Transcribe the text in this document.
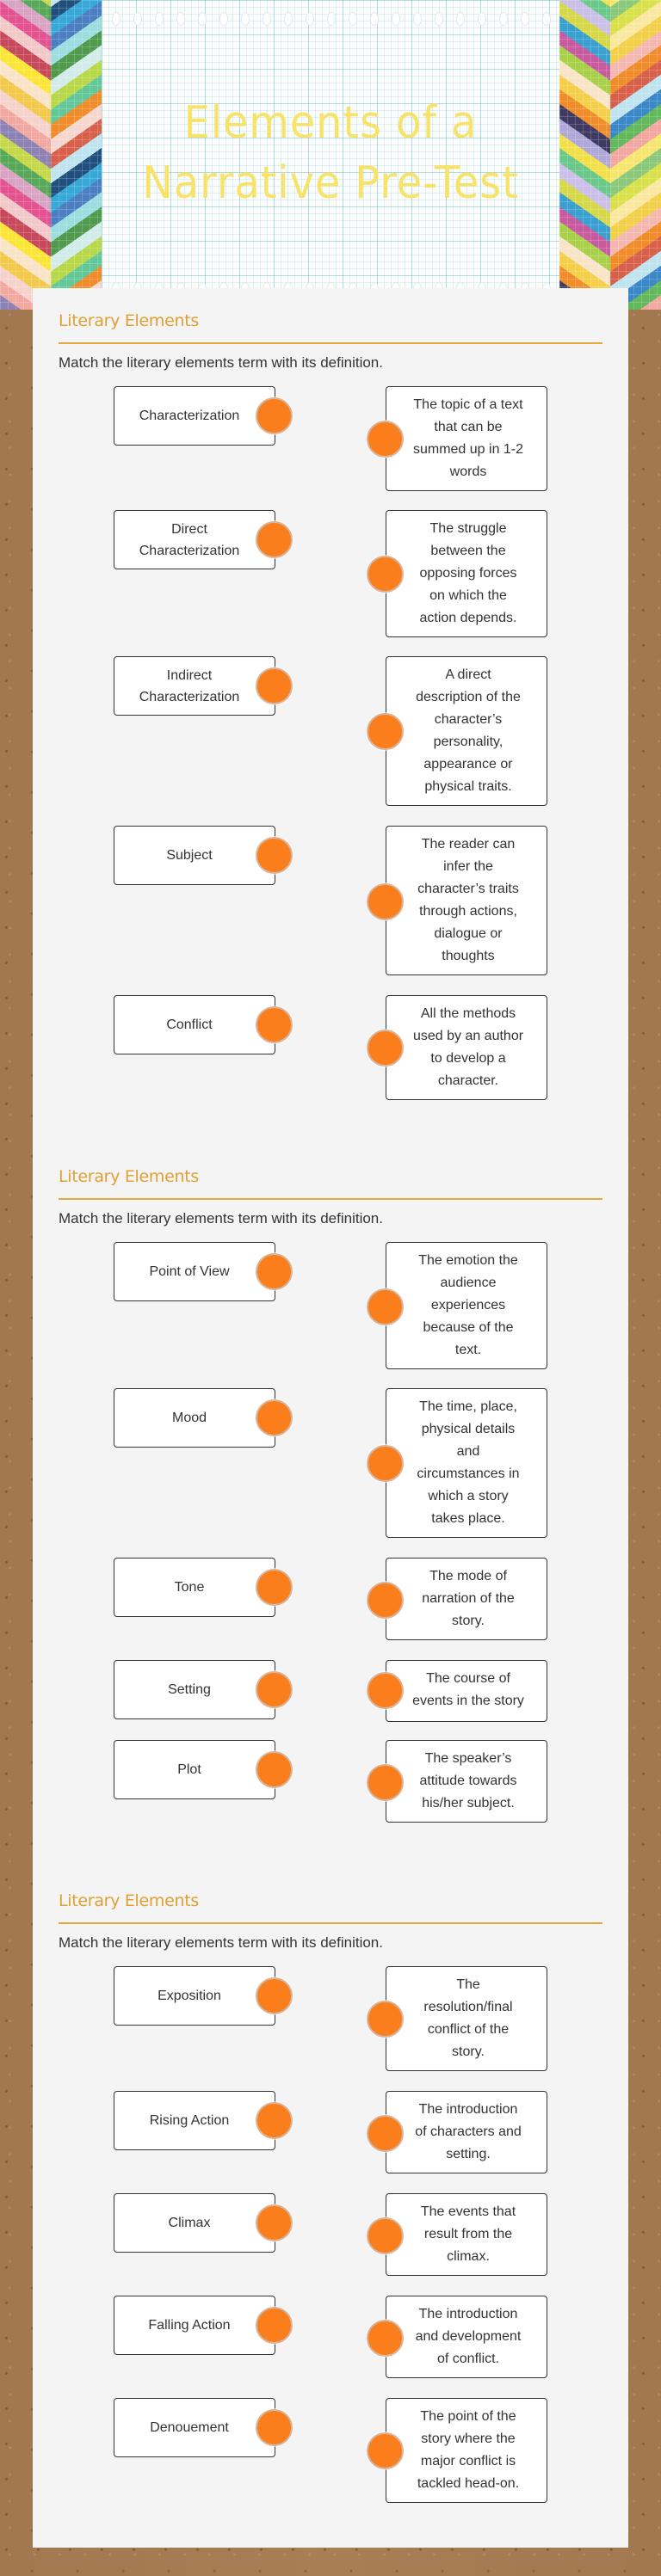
Elements of a
Narrative Pre-Test
Literary Elements
Match the literary elements term with its definition.
Characterization
The topic of a text
that can be
summed up in 1-2
words
Direct
Characterization
The struggle
between the
opposing forces
on which the
action depends.
Indirect
Characterization
A direct
description of the
character’s
personality,
appearance or
physical traits.
Subject
The reader can
infer the
character’s traits
through actions,
dialogue or
thoughts
Conflict
All the methods
used by an author
to develop a
character.
Literary Elements
Match the literary elements term with its definition.
Point of View
The emotion the
audience
experiences
because of the
text.
Mood
The time, place,
physical details
and
circumstances in
which a story
takes place.
Tone
The mode of
narration of the
story.
Setting
The course of
events in the story
Plot
The speaker’s
attitude towards
his/her subject.
Literary Elements
Match the literary elements term with its definition.
Exposition
The
resolution/final
conflict of the
story.
Rising Action
The introduction
of characters and
setting.
Climax
The events that
result from the
climax.
Falling Action
The introduction
and development
of conflict.
Denouement
The point of the
story where the
major conflict is
tackled head-on.
